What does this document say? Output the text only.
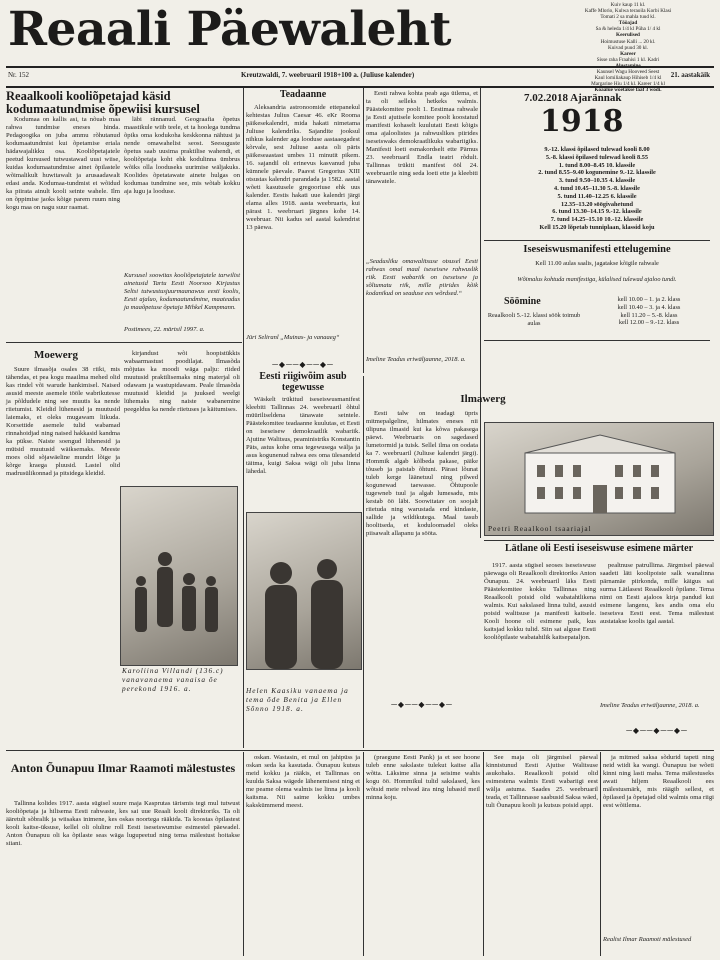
Reaali Päewaleht	Kuiv kaup 11 kl.
Kaffe Mlorio, Kulwa teraoila Korbi Klasi
Tomati 2 sa mahla tuud kl.
Tööajad
Sa & heleda 1/4 kl Püha 1/ 4 kl
Keerulised
Hoimustuse Kalli ... 20 kl.
Kuivad puud 30 kl.
Kareer
Sisse raha Fraahisi 1 kl. Kadri
Alustamine
Kaunsel Wagu Hooveed Seest
Kaul lomiliakaup Hihiseb 1/4 kl
Margarine Hiu 1/4 kl. Kareer 1/4 kl
Kõaalue wõetakse faaf 3 wõdi.
Nr. 152	Kreutzwaldi, 7. weebruaril 1918+100 a. (Juliuse kalender)	21. aastakäik
Reaalkooli kooliõpetajad käsid kodumaatundmise õpewiisi kursusel

Kodumaa on kallis asi, ta nõuab maa rahwa tundmise eneses hinda. Pedagoogika on juba ammu rõhutanud kodumaatundmist kui õpetamise eriala hädawajalikku osa. Kooliõpetajatele peetud kursused tutwustawad uusi wiise, kuidas kodumaatundmise ainet õpilastele wõimalikult huwitawalt ja arusaadawalt edasi anda. Kodumaa-tundmist ei wõidud ka piirata ainult kooli seinte wahele. Ilm on õppimise jaoks kõige parem ruum ning kogu maa on nagu suur raamat.

läbi rännanud. Geograafia õpetus maastikule wiib teele, et ta hoolega tundma õpiks oma kodukoha keskkonna nähtusi ja nende omawahelist seost. Seesuguste õpetus saab uusima praktilise wahendi, et kooliõpetaja koht ehk kodulinna ümbrus wõiks olla looduseks uurimise wäljakuks. Koolides õpetatawate ainete hulgas on kodumaa tundmine see, mis wõtab kokku aja lugu ja looduse.

Kursusel soowitas kooliõpetajatele tarwilist ainetusid Tartu Eesti Noorsoo Kirjastus Seltsi tutwustusjuurmaanawus eesti koolis, Eesti ajaluo, kodumaatundmine, maateadus ja maaõpetuse õpetaja Mihkel Kampmann.
Postimees, 22. märtsil 1997. a.
Teadaanne

Aleksandria astronoomide ettepanekul kehtestas Julius Caesar 46. eKr Rooma päikesekalendri, mida hakati nimetama Juliuse kalendriks. Sajandite jooksul nihkus kalender aga looduse aastaaegadest kõrvale, sest Juliuse aasta oli päris päikeseaastast umbes 11 minutit pikem. 16. sajandil oli erinevus kasvanud juba kümnele päevale. Paavst Gregorius XIII otsustas kalendri parandada ja 1582. aastal wõeti kasutusele gregooriuse ehk uus kalender. Eestis hakati uue kalendri järgi elama alles 1918. aasta weebruaris, kui pärast 1. weebruari järgnes kohe 14. weebruar. Nii kadus sel aastal kalendrist 13 päewa.

Jüri Seliranl „Muinas- ja vanaaeg“
─◆──◆──◆─
Eesti riigiwõim asub tegewusse

Wäskelt trükitud iseseiswusmanifest kleebiti Tallinnas 24. weebruaril õhtul müüriliseldena tänawate seintele. Päästekomitee teadaanne kuulutas, et Eesti on iseseisew demokraatlik wabariik. Ajutine Walitsus, peaministriks Konstantin Päts, astus kohe oma tegewusega wälja ja asus kogunenud rahwa ees oma ülesandeid täitma, kuigi Saksa wägi oli juba linna lähedal.

Eesti rahwa kohta peab aga ütlema, et ta oli selleks hetkeks walmis. Päästekomitee poolt 1. Eestimaa rahwale ja Eesti ajutisele komitee poolt koostatud manifesti kohaselt kuulutati Eesti kõigis oma ajaloolistes ja rahwuslikes piirides iseseiswaks demokraatlikuks wabariigiks. Manifesti loeti esmakordselt ette Pärnus 23. weebruaril Endla teatri rõdult. Tallinnas trükiti manifest ööl 24. weebruarile ning seda loeti ette ja kleebiti tänawatele.

„Seadusliku omawalitsuse otsusel Eesti rahwas omal maal iseseisew rahwuslik riik. Eesti wabariik on iseseisew ja sõltumatu riik, mille piirides kõik kodanikud on seaduse ees wõrdsed.“
Imeline Teadus eriwäljaanne, 2018. a.
Ilmawerg

Eesti talw on teadagi üpris mitmepalgeline, hilmates eneses nii ülipuna ilmasid kui ka kõwa pakasega päewi. Weebruaris on sagedased lumetormid ja tuisk. Sellel ilma on oodata ka 7. weebruaril (Juliuse kalendri järgi). Hommik algab kõlbeda pakase, päike tõuseb ja paistab õhtuni. Pärast lõunat tuleb kerge läänetuul ning pilwed kogunewad taewasse. Õhtupoole tugewneb tuul ja algab lumesadu, mis kestab öö läbi. Soowitatav on soojalt riietuda ning warustada end kindaste, sallide ja wildikutega. Maal tasub hoolitseda, et koduloomadel oleks piisawalt allapanu ja sööta.

─◆──◆──◆─
Moewerg

Suure ilmasõja osales 38 riiki, mis tähendas, et pea kogu maailma mehed olid kas rindel või warude hankimisel. Naised asusid meeste asemele tööle wabrikutesse ja põldudele ning see muutis ka nende riietumist. Kleidid lühenesid ja muutusid laiemaks, et oleks mugawam liikuda. Korsettide asemele tulid wabamad rinnahoidjad ning naised hakkasid kandma ka pükse. Naiste soengud lühenesid ja mütsid muutusid wäiksemaks. Meeste moes olid sõjawäeline mundri lõige ja kõrge kraega pluusid. Lastel olid madrusülikonnad ja pitsidega kleidid.

kirjandust wõi hoopistükkis wabaarmastust poodilajat. Ilmasõda mõjutas ka moodi wäga palju: riided muutusid praktilisemaks ning materjal oli odawam ja wastupidawam. Peale ilmasõda muutusid kleidid ja juuksed weelgi lühemaks ning naiste wabanemine peegeldus ka nende riietuses ja käitumises.

Karoliina Villandi (136.c) vanavanaema vanaisa õe perekond 1916. a.	Helen Kaasiku vanaema ja tema õde Benita ja Ellen Sõnno 1918. a.
7.02.2018 Ajarännak
1918
9.-12. klassi õpilased tulewad kooli 8.00
5.-8. klassi õpilased tulewad kooli 8.55
1. tund 8.00–8.45 10. klassile
2. tund 8.55–9.40 kogunemine 9.-12. klassile
3. tund 9.50–10.35 4. klassile
4. tund 10.45–11.30 5.-8. klassile
5. tund 11.40–12.25 6. klassile
12.35–13.20 söögivahetund
6. tund 13.30–14.15 9.-12. klassile
7. tund 14.25–15.10 10.-12. klassile
Kell 15.20 lõpetab tunniplaan, klassid koju
Iseseiswusmanifesti ettelugemine
Kell 11.00 aulas saalis, jagatakse kõigile rahwale
Wõimalus kohtuda manifestiga, külalised tulewad ajaloo tundi.
Söömine
Reaalkooli 5.-12. klassi söök toimub aulas
kell 10.00 – 1. ja 2. klass
kell 10.40 – 3. ja 4. klass
kell 11.20 – 5.-8. klass
kell 12.00 – 9.-12. klass
Peetri Reaalkool tsaariajal
Lätlane oli Eesti iseseiswuse esimene märter

1917. aasta sügisel seoses iseseiswuse päewaga oli Reaalkooli direktoriks Anton Õunapuu. 24. weebruaril läks Eesti Päästekomitee kokku Tallinnas ning Reaalkooli poisid olid wabatahtlikena walmis. Kui sakslased linna tulid, asusid poisid walitsuse ja manifesti kaitsele. Kooli hoone oli esimene paik, kus kaitsjad kokku tulid. Siin sai alguse Eesti kooliõpilaste wabatahtlik kaitsepataljon.

pealtnuse patrullima. Järgmisel päewal saadeti läti koolipoiste salk wanalinna pärnamäe piirkonda, mille käigus sai surma Lätlasest Reaalkooli õpilane. Tema nimi on Eesti ajaloos kirja pandud kui esimene langenu, kes andis oma elu iseseisva Eesti eest. Tema mälestust austatakse koolis igal aastal.

Imeline Teadus eriwäljaanne, 2018. a.
─◆──◆──◆─
Anton Õunapuu Ilmar Raamoti mälestustes

Tallinna kolides 1917. aasta sügisel suure maja Kasprutas tärismis tegi mul tutwust kooliõpetaja ja hilisema Eesti rahwaste, kes sai uue Reaali kooli direktoriks. Ta oli ääretult sõbralik ja wiisakas inimene, kes oskas noortega rääkida. Ta koostas õpilastest kooli kaitse-üksuse, kellel oli oluline roll Eesti iseseiswumise esimestel päewadel. Anton Õunapuu oli ka õpilaste seas wäga lugupeetud ning tema mälestust hoitakse siiani.

oskan. Wastasin, et mul on jahipüss ja oskan seda ka kasutada. Õunapuu kutsus meid kokku ja rääkis, et Tallinnas on kuulda Saksa wägede lähenemisest ning et me peame olema walmis ise linna ja kooli kaitsma. Nii saime kokku umbes kakskümmend meest.

(praegune Eesti Pank) ja et see hoone tuleb enne sakslaste tulekut kaitse alla wõtta. Läksime sinna ja seisime wahis kogu öö. Hommikul tulid sakslased, kes wõtsid meie relwad ära ning lubasid meil minna koju.

See maja oli järgmisel päewal kinnistunud Eesti Ajutise Walitsuse asukohaks. Reaalkooli poisid olid esimestena walmis Eesti wabariigi eest wälja astuma. Saades 25. weebruaril teada, et Tallinnasse saabusid Saksa wäed, tuli Õunapuu kooli ja kutsus poisid appi.

ja mitmed saksa sõdurid tapeti ning neid wiidi ka wangi. Õunapuu ise wõeti kinni ning lasti maha. Tema mälestuseks awati hiljem Reaalkooli ees mälestusmärk, mis räägib sellest, et õpilased ja õpetajad olid walmis oma riigi eest wõitlema.

Realist Ilmar Raamoti mälestused
